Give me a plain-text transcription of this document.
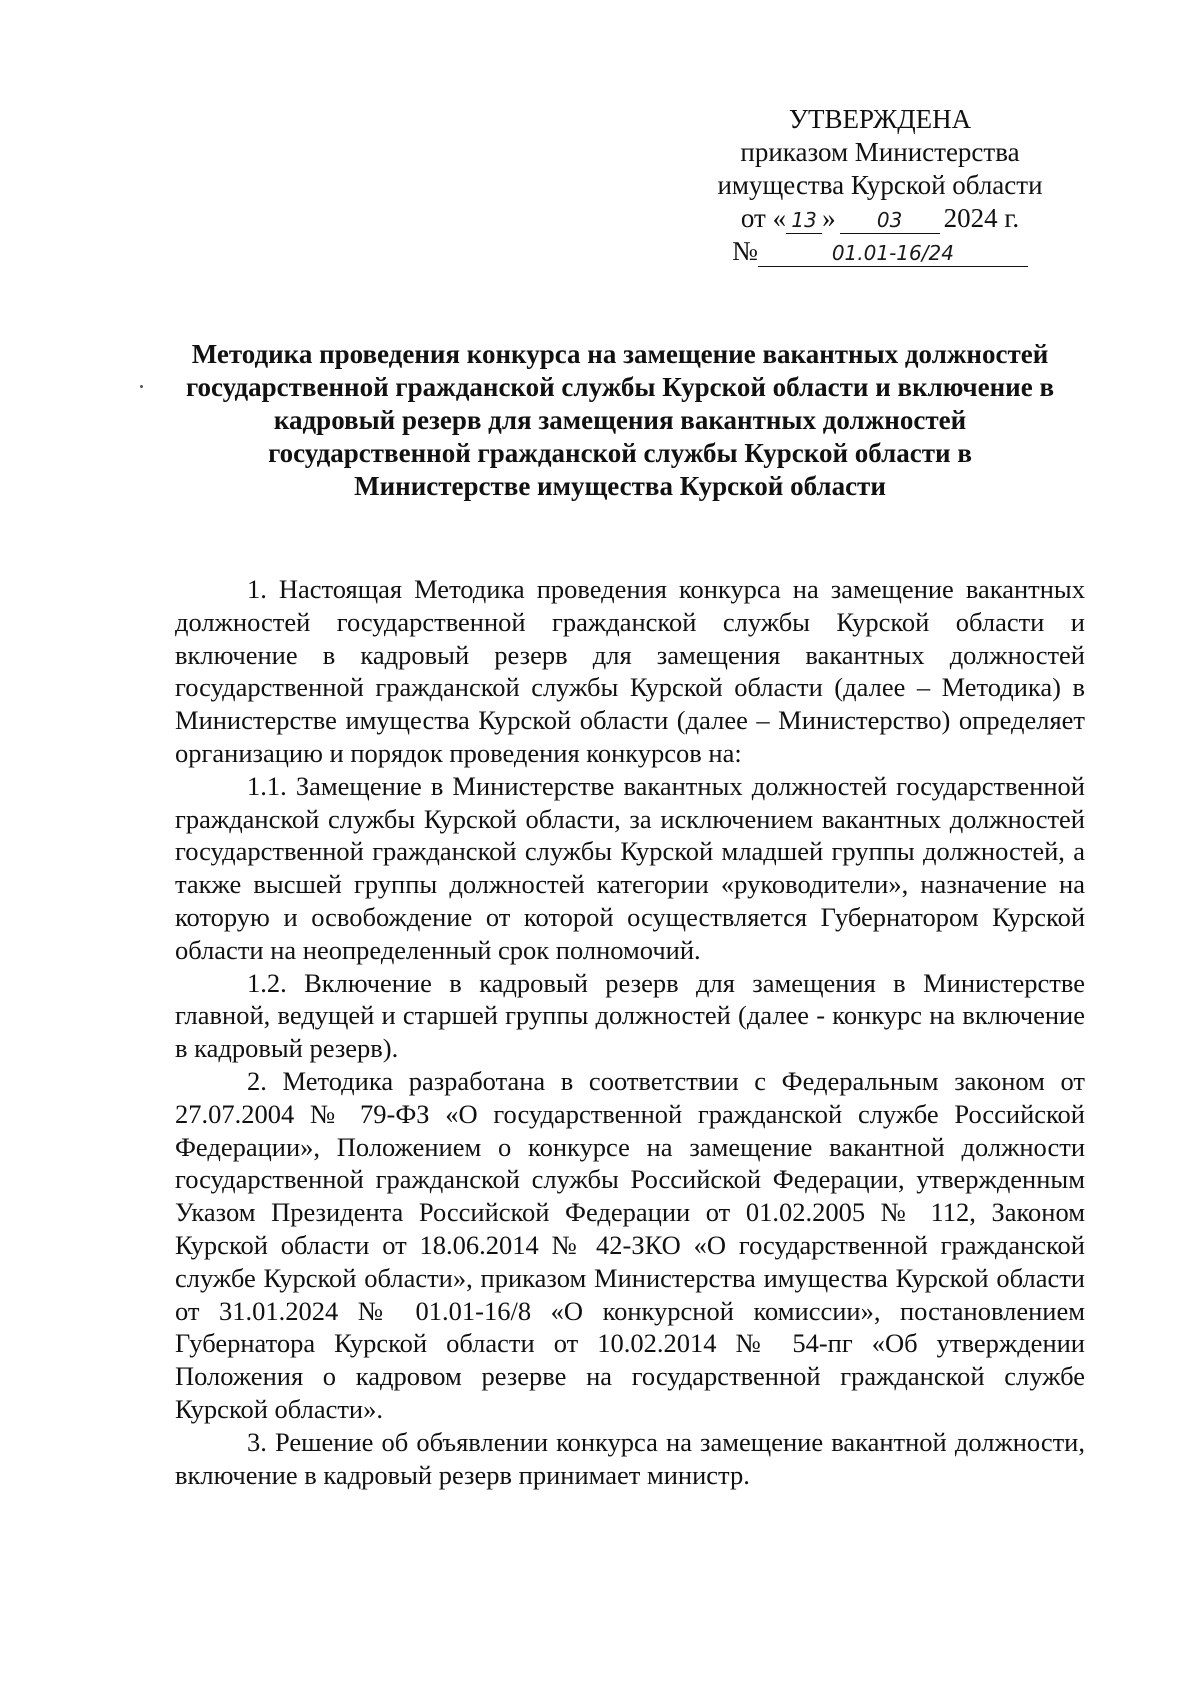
УТВЕРЖДЕНА
приказом Министерства
имущества Курской области
от « 13 » 03 2024 г.
№	01.01-16/24
Методика проведения конкурса на замещение вакантных должностей
государственной гражданской службы Курской области и включение в
кадровый резерв для замещения вакантных должностей
государственной гражданской службы Курской области в
Министерстве имущества Курской области

1. Настоящая Методика проведения конкурса на замещение вакантных должностей государственной гражданской службы Курской области и включение в кадровый резерв для замещения вакантных должностей государственной гражданской службы Курской области (далее – Методика) в Министерстве имущества Курской области (далее – Министерство) определяет организацию и порядок проведения конкурсов на:

1.1. Замещение в Министерстве вакантных должностей государственной гражданской службы Курской области, за исключением вакантных должностей государственной гражданской службы Курской младшей группы должностей, а также высшей группы должностей категории «руководители», назначение на которую и освобождение от которой осуществляется Губернатором Курской области на неопределенный срок полномочий.

1.2. Включение в кадровый резерв для замещения в Министерстве главной, ведущей и старшей группы должностей (далее - конкурс на включение в кадровый резерв).

2. Методика разработана в соответствии с Федеральным законом от 27.07.2004 № 79-ФЗ «О государственной гражданской службе Российской Федерации», Положением о конкурсе на замещение вакантной должности государственной гражданской службы Российской Федерации, утвержденным Указом Президента Российской Федерации от 01.02.2005 № 112, Законом Курской области от 18.06.2014 № 42-ЗКО «О государственной гражданской службе Курской области», приказом Министерства имущества Курской области от 31.01.2024 № 01.01-16/8 «О конкурсной комиссии», постановлением Губернатора Курской области от 10.02.2014 № 54-пг «Об утверждении Положения о кадровом резерве на государственной гражданской службе Курской области».

3. Решение об объявлении конкурса на замещение вакантной должности, включение в кадровый резерв принимает министр.
